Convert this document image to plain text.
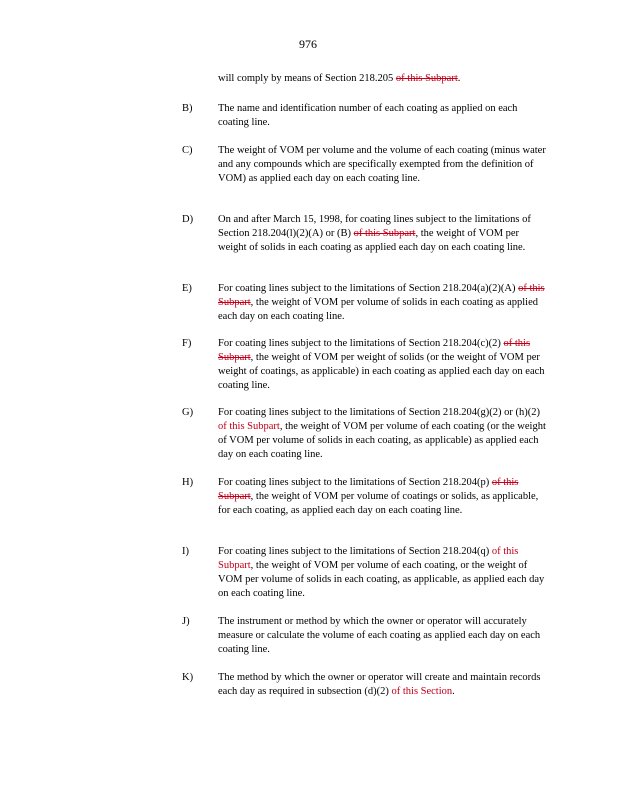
976
will comply by means of Section 218.205 of this Subpart.
B) The name and identification number of each coating as applied on each coating line.
C) The weight of VOM per volume and the volume of each coating (minus water and any compounds which are specifically exempted from the definition of VOM) as applied each day on each coating line.
D) On and after March 15, 1998, for coating lines subject to the limitations of Section 218.204(l)(2)(A) or (B) of this Subpart, the weight of VOM per weight of solids in each coating as applied each day on each coating line.
E) For coating lines subject to the limitations of Section 218.204(a)(2)(A) of this Subpart, the weight of VOM per volume of solids in each coating as applied each day on each coating line.
F)	For coating lines subject to the limitations of Section 218.204(c)(2) of this Subpart, the weight of VOM per weight of solids (or the weight of VOM per weight of coatings, as applicable) in each coating as applied each day on each coating line.
G) For coating lines subject to the limitations of Section 218.204(g)(2) or (h)(2) of this Subpart, the weight of VOM per volume of each coating (or the weight of VOM per volume of solids in each coating, as applicable) as applied each day on each coating line.
H) For coating lines subject to the limitations of Section 218.204(p) of this Subpart, the weight of VOM per volume of coatings or solids, as applicable, for each coating, as applied each day on each coating line.
I)	For coating lines subject to the limitations of Section 218.204(q) of this Subpart, the weight of VOM per volume of each coating, or the weight of VOM per volume of solids in each coating, as applicable, as applied each day on each coating line.
J)	The instrument or method by which the owner or operator will accurately measure or calculate the volume of each coating as applied each day on each coating line.
K) The method by which the owner or operator will create and maintain records each day as required in subsection (d)(2) of this Section.
